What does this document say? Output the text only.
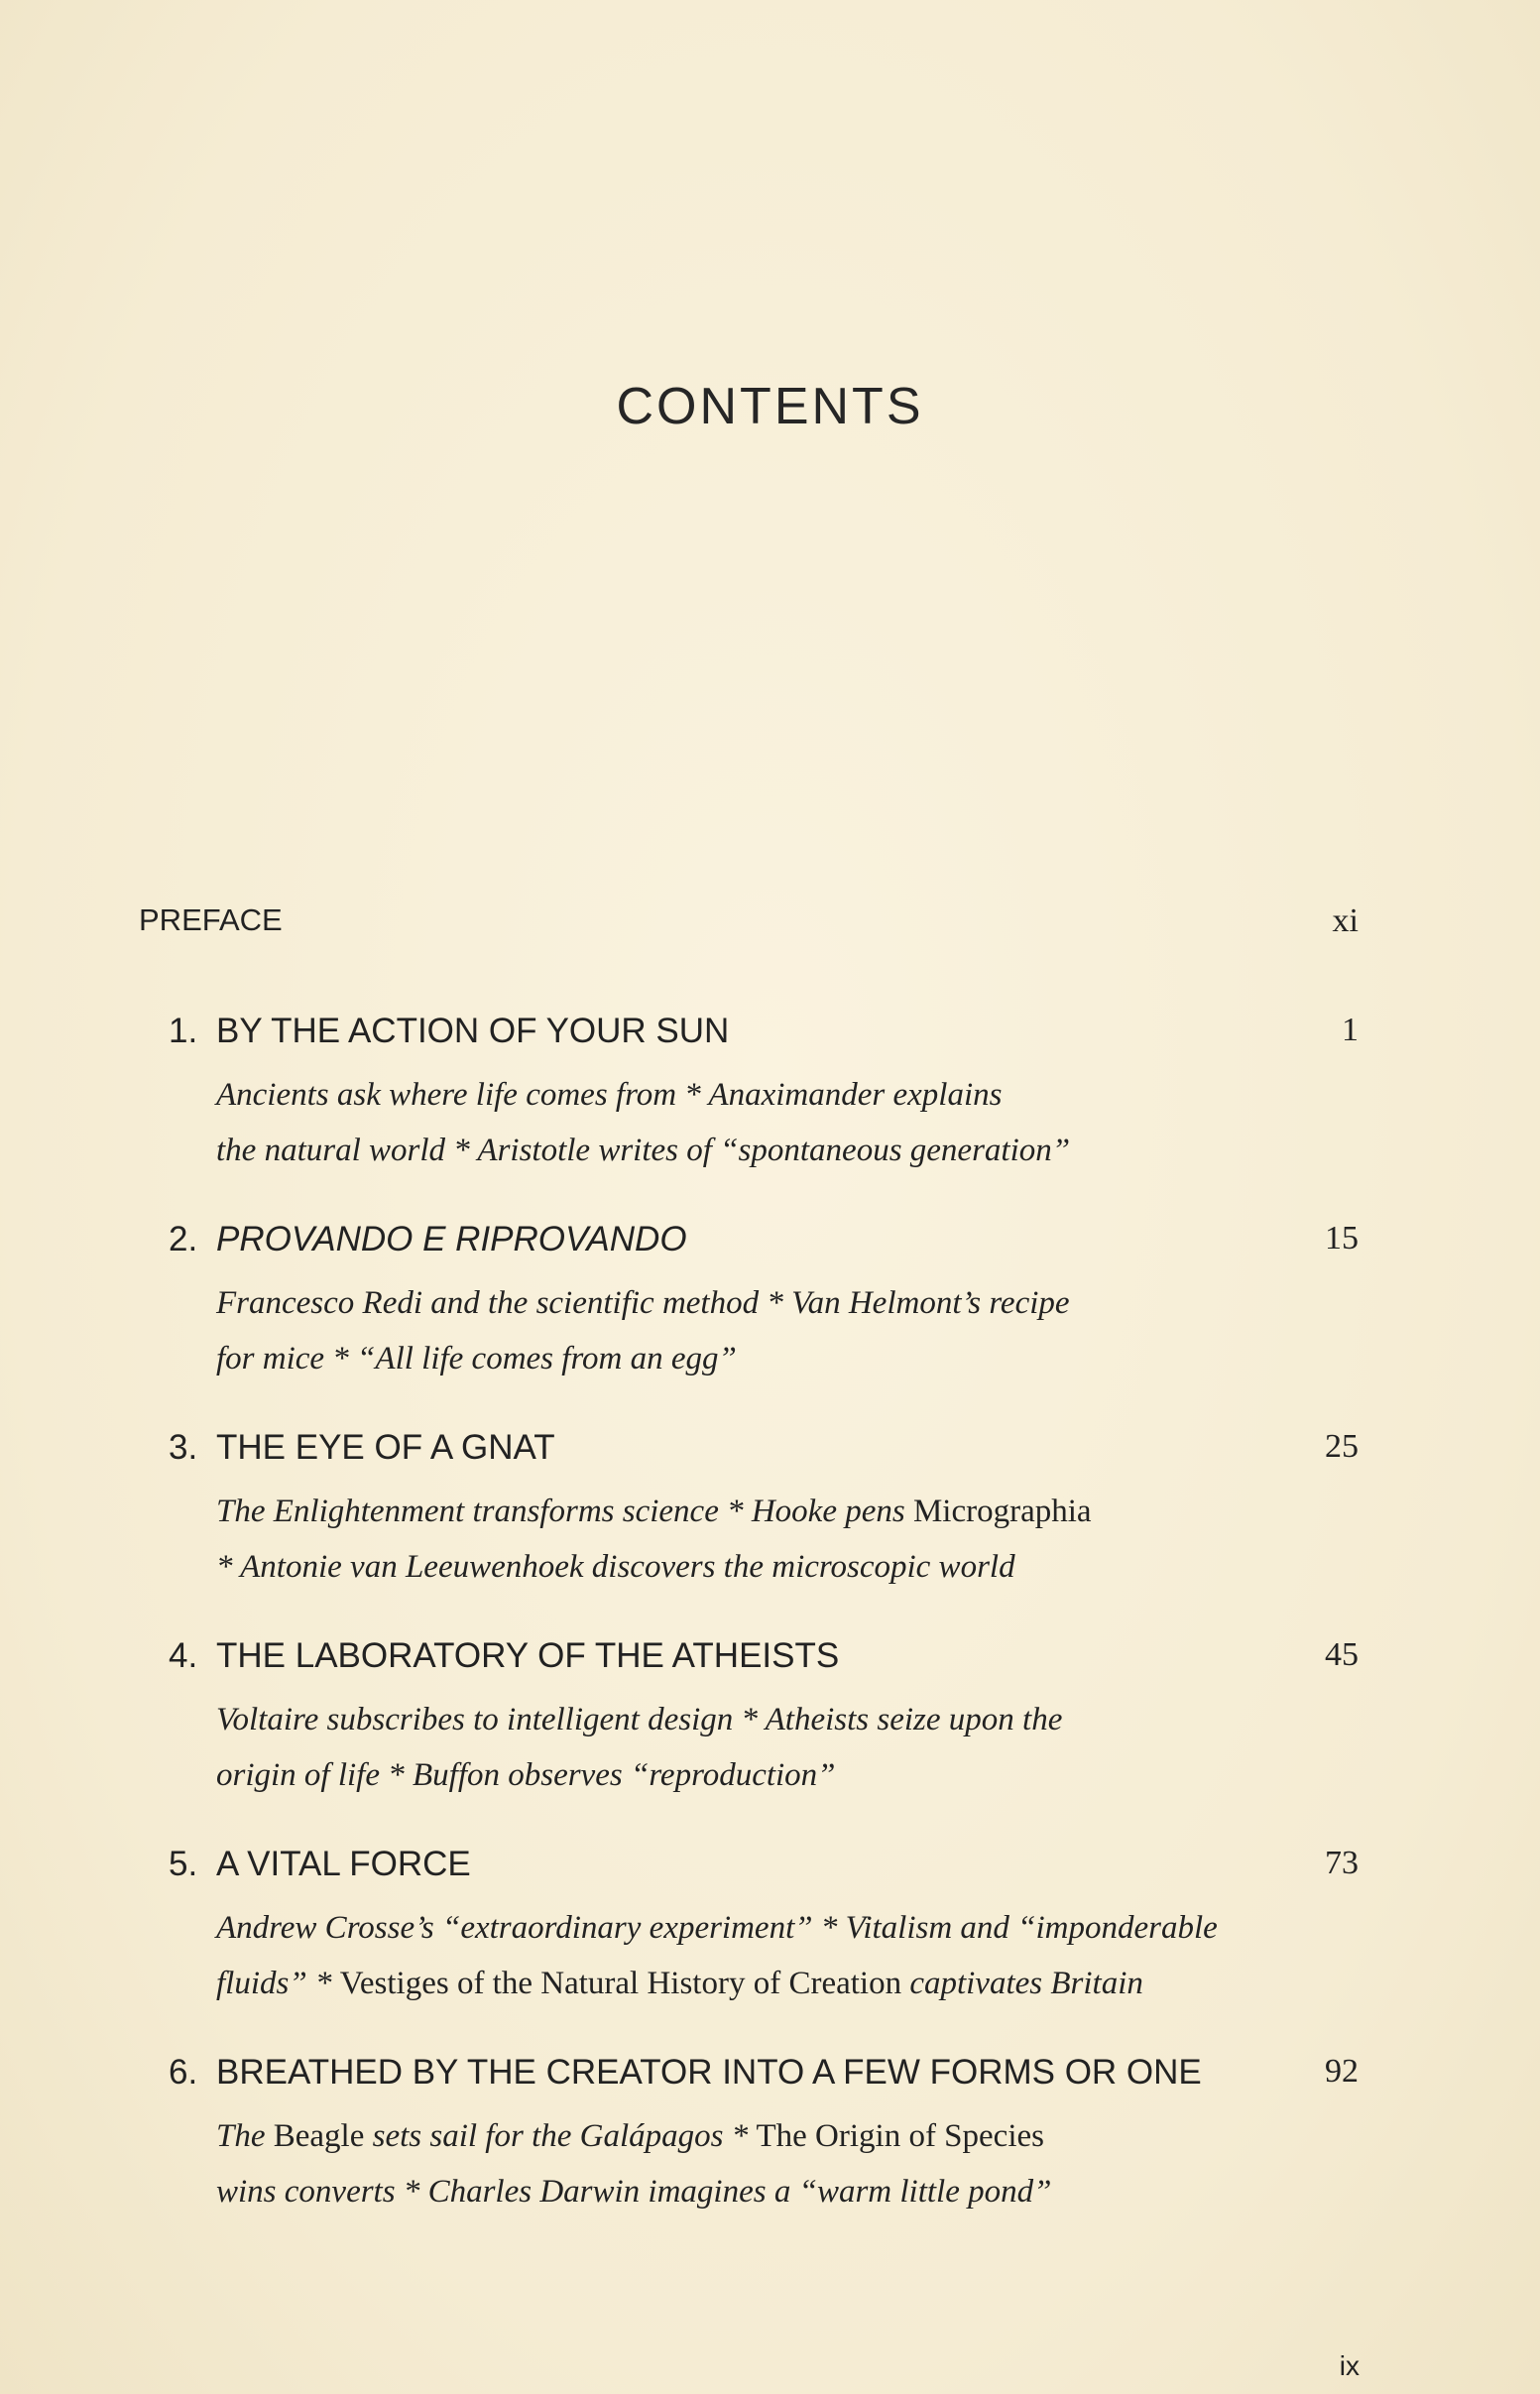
CONTENTS
PREFACE	xi
1. BY THE ACTION OF YOUR SUN	1
Ancients ask where life comes from * Anaximander explains
the natural world * Aristotle writes of “spontaneous generation”
2. PROVANDO E RIPROVANDO	15
Francesco Redi and the scientific method * Van Helmont’s recipe
for mice * “All life comes from an egg”
3. THE EYE OF A GNAT	25
The Enlightenment transforms science * Hooke pens Micrographia
* Antonie van Leeuwenhoek discovers the microscopic world
4. THE LABORATORY OF THE ATHEISTS	45
Voltaire subscribes to intelligent design * Atheists seize upon the
origin of life * Buffon observes “reproduction”
5. A VITAL FORCE	73
Andrew Crosse’s “extraordinary experiment” * Vitalism and “imponderable
fluids” * Vestiges of the Natural History of Creation captivates Britain
6. BREATHED BY THE CREATOR INTO A FEW FORMS OR ONE	92
The Beagle sets sail for the Galápagos * The Origin of Species
wins converts * Charles Darwin imagines a “warm little pond”
ix
